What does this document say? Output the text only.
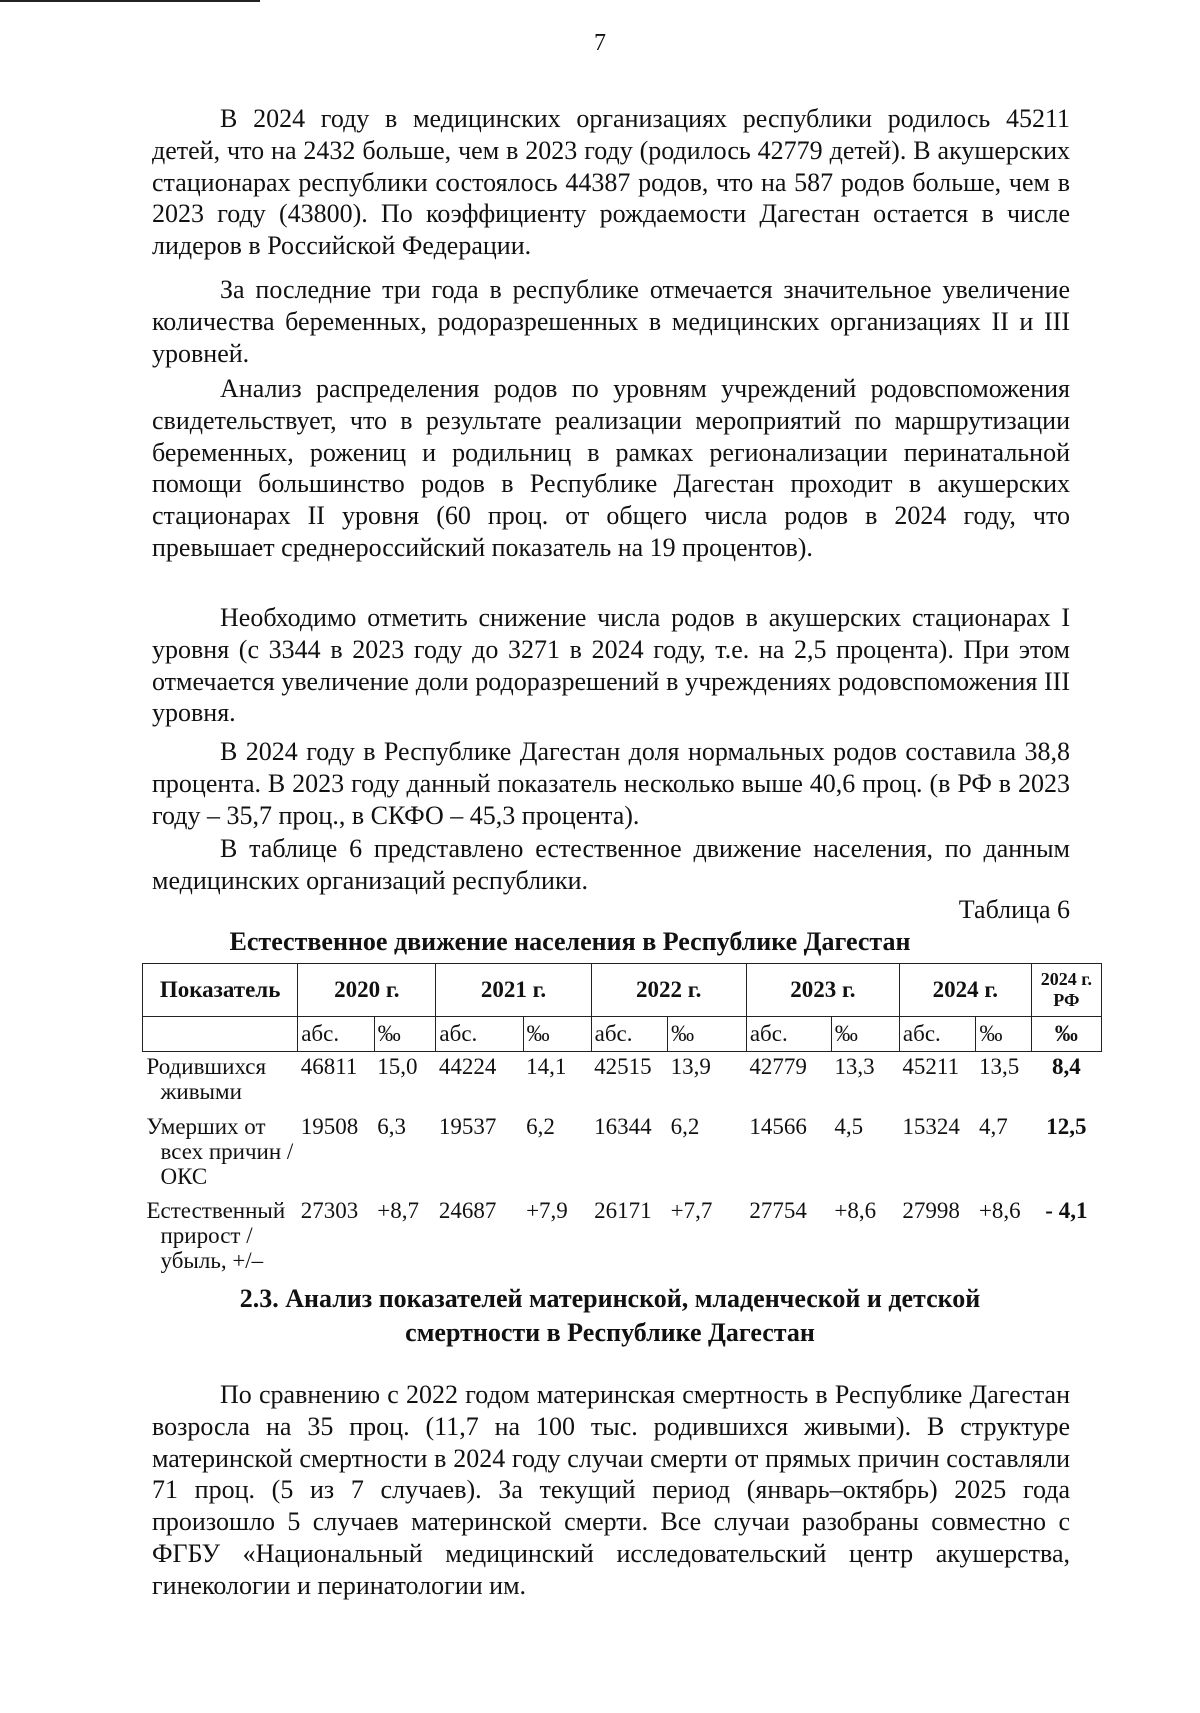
7

В 2024 году в медицинских организациях республики родилось 45211 детей, что на 2432 больше, чем в 2023 году (родилось 42779 детей). В акушерских стационарах республики состоялось 44387 родов, что на 587 родов больше, чем в 2023 году (43800). По коэффициенту рождаемости Дагестан остается в числе лидеров в Российской Федерации.

За последние три года в республике отмечается значительное увеличение количества беременных, родоразрешенных в медицинских организациях II и III уровней.

Анализ распределения родов по уровням учреждений родовспоможения свидетельствует, что в результате реализации мероприятий по маршрутизации беременных, рожениц и родильниц в рамках регионализации перинатальной помощи большинство родов в Республике Дагестан проходит в акушерских стационарах II уровня (60 проц. от общего числа родов в 2024 году, что превышает среднероссийский показатель на 19 процентов).

Необходимо отметить снижение числа родов в акушерских стационарах I уровня (с 3344 в 2023 году до 3271 в 2024 году, т.е. на 2,5 процента). При этом отмечается увеличение доли родоразрешений в учреждениях родовспоможения III уровня.

В 2024 году в Республике Дагестан доля нормальных родов составила 38,8 процента. В 2023 году данный показатель несколько выше 40,6 проц. (в РФ в 2023 году – 35,7 проц., в СКФО – 45,3 процента).

В таблице 6 представлено естественное движение населения, по данным медицинских организаций республики.

Таблица 6

Естественное движение населения в Республике Дагестан

Показатель	2020 г.		2021 г.		2022 г.		2023 г.		2024 г.		2024 г. РФ
	абс.	‰	абс.	‰	абс.	‰	абс.	‰	абс.	‰	‰
Родившихся живыми	46811	15,0	44224	14,1	42515	13,9	42779	13,3	45211	13,5	8,4
Умерших от всех причин / ОКС	19508	6,3	19537	6,2	16344	6,2	14566	4,5	15324	4,7	12,5
Естественный прирост / убыль, +/–	27303	+8,7	24687	+7,9	26171	+7,7	27754	+8,6	27998	+8,6	- 4,1
2.3. Анализ показателей материнской, младенческой и детской смертности в Республике Дагестан

По сравнению с 2022 годом материнская смертность в Республике Дагестан возросла на 35 проц. (11,7 на 100 тыс. родившихся живыми). В структуре материнской смертности в 2024 году случаи смерти от прямых причин составляли 71 проц. (5 из 7 случаев). За текущий период (январь–октябрь) 2025 года произошло 5 случаев материнской смерти. Все случаи разобраны совместно с ФГБУ «Национальный медицинский исследовательский центр акушерства, гинекологии и перинатологии им.
